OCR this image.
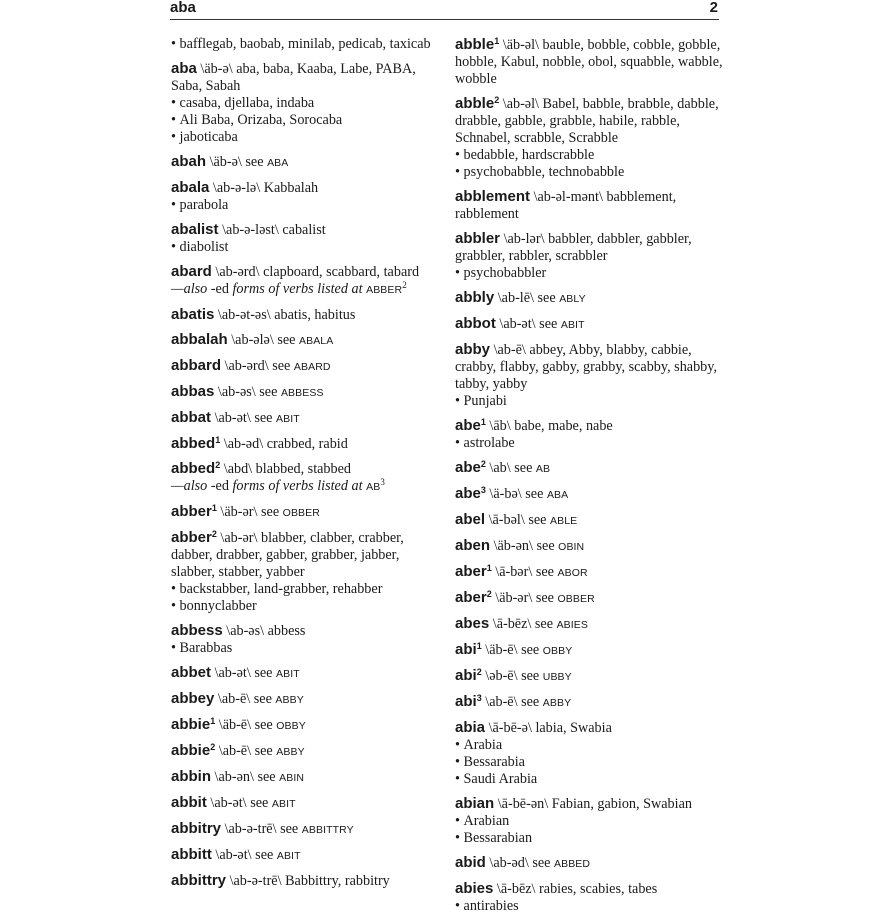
aba	2
• bafflegab, baobab, minilab, pedicab, taxicab
aba \äb-ə\ aba, baba, Kaaba, Labe, PABA, Saba, Sabah
• casaba, djellaba, indaba
• Ali Baba, Orizaba, Sorocaba
• jaboticaba
abah \äb-ə\ see ABA
abala \ab-ə-lə\ Kabbalah
• parabola
abalist \ab-ə-ləst\ cabalist
• diabolist
abard \ab-ərd\ clapboard, scabbard, tabard
—also -ed forms of verbs listed at ABBER$^2$
abatis \ab-ət-əs\ abatis, habitus
abbalah \ab-ələ\ see ABALA
abbard \ab-ərd\ see ABARD
abbas \ab-əs\ see ABBESS
abbat \ab-ət\ see ABIT
abbed$^1$ \ab-əd\ crabbed, rabid
abbed$^2$ \abd\ blabbed, stabbed
—also -ed forms of verbs listed at $AB^3$
abber$^1$ \äb-ər\ see OBBER
abber$^2$ \ab-ər\ blabber, clabber, crabber, dabber, drabber, gabber, grabber, jabber, slabber, stabber, yabber
• backstabber, land-grabber, rehabber
• bonnyclabber
abbess \ab-əs\ abbess
• Barabbas
abbet \ab-ət\ see ABIT
abbey \ab-ē\ see ABBY
abbie$^1$ \äb-ē\ see OBBY
abbie$^2$ \ab-ē\ see ABBY
abbin \ab-ən\ see ABIN
abbit \ab-ət\ see ABIT
abbitry \ab-ə-trē\ see ABBITTRY
abbitt \ab-ət\ see ABIT
abbittry \ab-ə-trē\ Babbittry, rabbitry
abble$^1$ \äb-əl\ bauble, bobble, cobble, gobble, hobble, Kabul, nobble, obol, squabble, wabble, wobble
abble$^2$ \ab-əl\ Babel, babble, brabble, dabble, drabble, gabble, grabble, habile, rabble, Schnabel, scrabble, Scrabble
• bedabble, hardscrabble
• psychobabble, technobabble
abblement \ab-əl-mənt\ babblement, rabblement
abbler \ab-lər\ babbler, dabbler, gabbler, grabbler, rabbler, scrabbler
• psychobabbler
abbly \ab-lē\ see ABLY
abbot \ab-ət\ see ABIT
abby \ab-ē\ abbey, Abby, blabby, cabbie, crabby, flabby, gabby, grabby, scabby, shabby, tabby, yabby
• Punjabi
abe$^1$ \āb\ babe, mabe, nabe
• astrolabe
abe$^2$ \ab\ see AB
abe$^3$ \ä-bə\ see ABA
abel \ā-bəl\ see ABLE
aben \äb-ən\ see OBIN
aber$^1$ \ā-bər\ see ABOR
aber$^2$ \äb-ər\ see OBBER
abes \ā-bēz\ see ABIES
abi$^1$ \äb-ē\ see OBBY
abi$^2$ \əb-ē\ see UBBY
abi$^3$ \ab-ē\ see ABBY
abia \ā-bē-ə\ labia, Swabia
• Arabia
• Bessarabia
• Saudi Arabia
abian \ā-bē-ən\ Fabian, gabion, Swabian
• Arabian
• Bessarabian
abid \ab-əd\ see ABBED
abies \ā-bēz\ rabies, scabies, tabes
• antirabies
